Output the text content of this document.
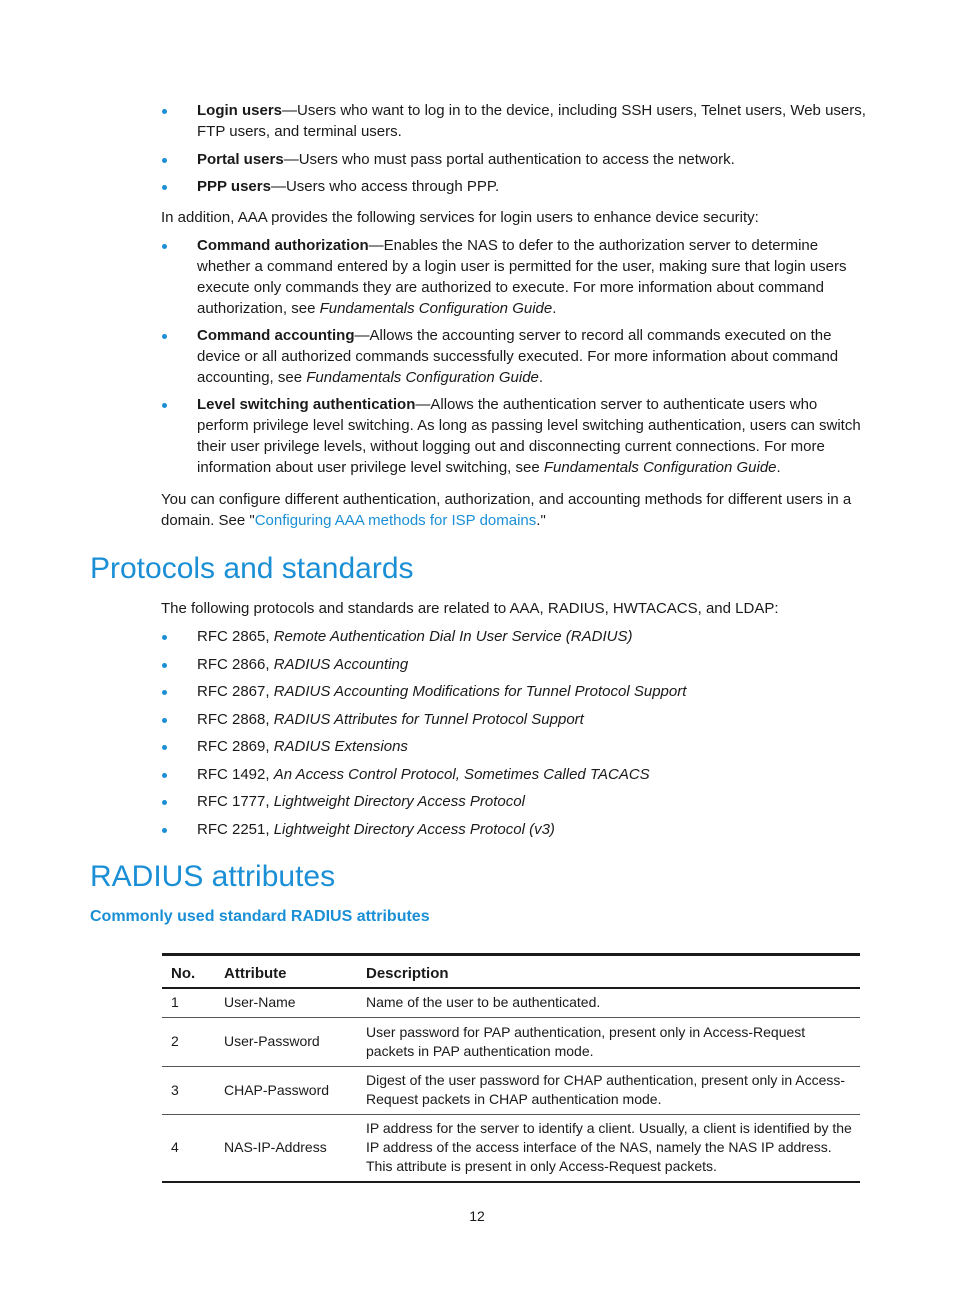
Login users—Users who want to log in to the device, including SSH users, Telnet users, Web users, FTP users, and terminal users.
Portal users—Users who must pass portal authentication to access the network.
PPP users—Users who access through PPP.

In addition, AAA provides the following services for login users to enhance device security:

Command authorization—Enables the NAS to defer to the authorization server to determine whether a command entered by a login user is permitted for the user, making sure that login users execute only commands they are authorized to execute. For more information about command authorization, see Fundamentals Configuration Guide.
Command accounting—Allows the accounting server to record all commands executed on the device or all authorized commands successfully executed. For more information about command accounting, see Fundamentals Configuration Guide.
Level switching authentication—Allows the authentication server to authenticate users who perform privilege level switching. As long as passing level switching authentication, users can switch their user privilege levels, without logging out and disconnecting current connections. For more information about user privilege level switching, see Fundamentals Configuration Guide.

You can configure different authentication, authorization, and accounting methods for different users in a domain. See "Configuring AAA methods for ISP domains."

Protocols and standards

The following protocols and standards are related to AAA, RADIUS, HWTACACS, and LDAP:

RFC 2865, Remote Authentication Dial In User Service (RADIUS)
RFC 2866, RADIUS Accounting
RFC 2867, RADIUS Accounting Modifications for Tunnel Protocol Support
RFC 2868, RADIUS Attributes for Tunnel Protocol Support
RFC 2869, RADIUS Extensions
RFC 1492, An Access Control Protocol, Sometimes Called TACACS
RFC 1777, Lightweight Directory Access Protocol
RFC 2251, Lightweight Directory Access Protocol (v3)
RADIUS attributes
Commonly used standard RADIUS attributes
No.	Attribute	Description
1	User-Name	Name of the user to be authenticated.
2	User-Password	User password for PAP authentication, present only in Access-Request packets in PAP authentication mode.
3	CHAP-Password	Digest of the user password for CHAP authentication, present only in Access-Request packets in CHAP authentication mode.
4	NAS-IP-Address	IP address for the server to identify a client. Usually, a client is identified by the IP address of the access interface of the NAS, namely the NAS IP address. This attribute is present in only Access-Request packets.
12
